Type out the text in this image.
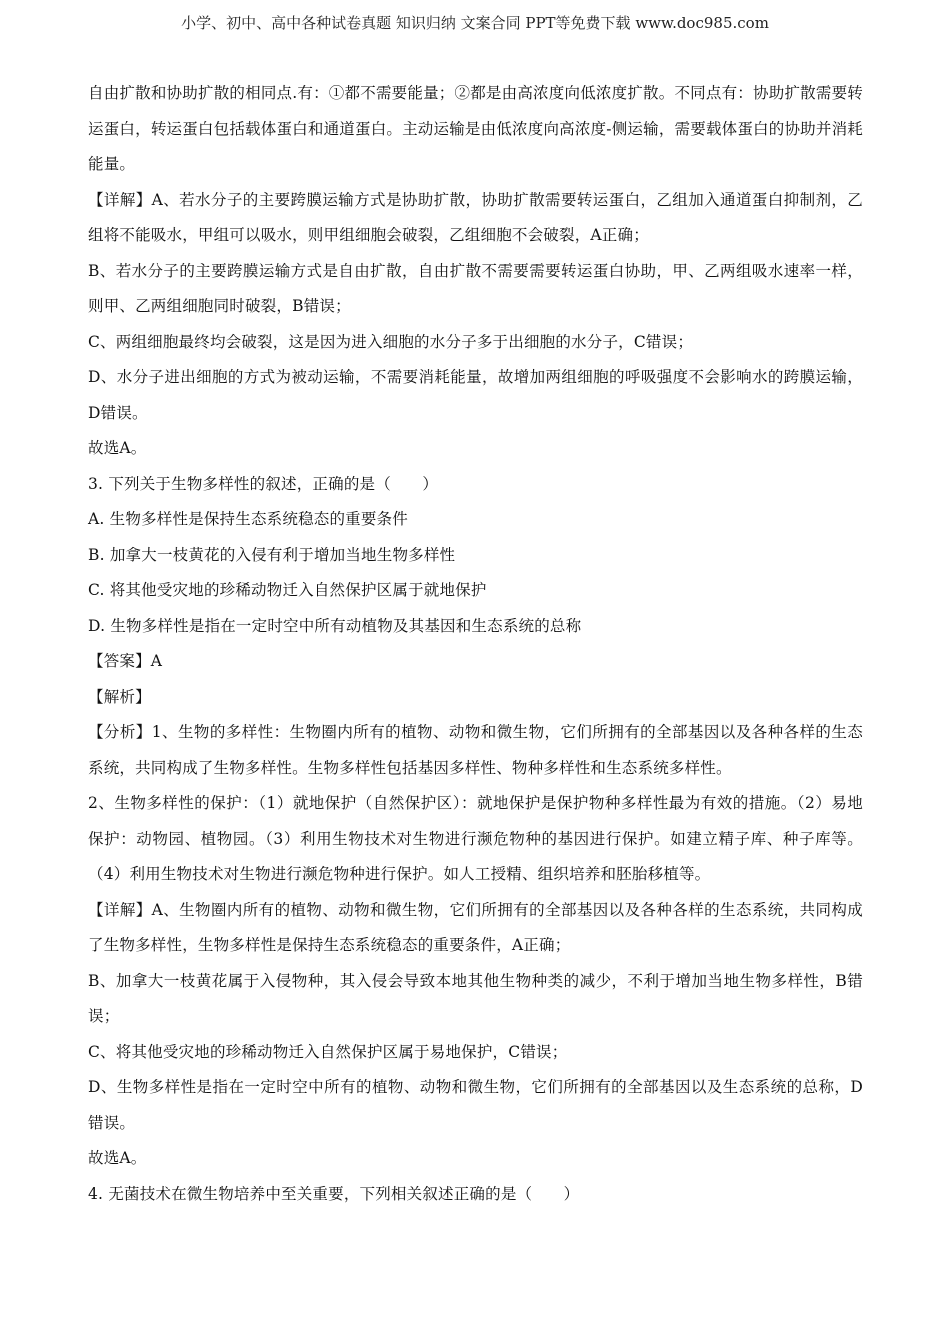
小学、初中、高中各种试卷真题 知识归纳 文案合同 PPT等免费下载 www.doc985.com

自由扩散和协助扩散的相同点.有：①都不需要能量；②都是由高浓度向低浓度扩散。不同点有：协助扩散需要转运蛋白，转运蛋白包括载体蛋白和通道蛋白。主动运输是由低浓度向高浓度-侧运输，需要载体蛋白的协助并消耗能量。

【详解】A、若水分子的主要跨膜运输方式是协助扩散，协助扩散需要转运蛋白，乙组加入通道蛋白抑制剂，乙组将不能吸水，甲组可以吸水，则甲组细胞会破裂，乙组细胞不会破裂，A正确；

B、若水分子的主要跨膜运输方式是自由扩散，自由扩散不需要需要转运蛋白协助，甲、乙两组吸水速率一样，则甲、乙两组细胞同时破裂，B错误；

C、两组细胞最终均会破裂，这是因为进入细胞的水分子多于出细胞的水分子，C错误；

D、水分子进出细胞的方式为被动运输，不需要消耗能量，故增加两组细胞的呼吸强度不会影响水的跨膜运输，D错误。

故选A。

3. 下列关于生物多样性的叙述，正确的是（　　）

A. 生物多样性是保持生态系统稳态的重要条件

B. 加拿大一枝黄花的入侵有利于增加当地生物多样性

C. 将其他受灾地的珍稀动物迁入自然保护区属于就地保护

D. 生物多样性是指在一定时空中所有动植物及其基因和生态系统的总称

【答案】A

【解析】

【分析】1、生物的多样性：生物圈内所有的植物、动物和微生物，它们所拥有的全部基因以及各种各样的生态系统，共同构成了生物多样性。生物多样性包括基因多样性、物种多样性和生态系统多样性。

2、生物多样性的保护：（1）就地保护（自然保护区）：就地保护是保护物种多样性最为有效的措施。（2）易地保护：动物园、植物园。（3）利用生物技术对生物进行濒危物种的基因进行保护。如建立精子库、种子库等。（4）利用生物技术对生物进行濒危物种进行保护。如人工授精、组织培养和胚胎移植等。

【详解】A、生物圈内所有的植物、动物和微生物，它们所拥有的全部基因以及各种各样的生态系统，共同构成了生物多样性，生物多样性是保持生态系统稳态的重要条件，A正确；

B、加拿大一枝黄花属于入侵物种，其入侵会导致本地其他生物种类的减少，不利于增加当地生物多样性，B错误；

C、将其他受灾地的珍稀动物迁入自然保护区属于易地保护，C错误；

D、生物多样性是指在一定时空中所有的植物、动物和微生物，它们所拥有的全部基因以及生态系统的总称，D错误。

故选A。

4. 无菌技术在微生物培养中至关重要，下列相关叙述正确的是（　　）
